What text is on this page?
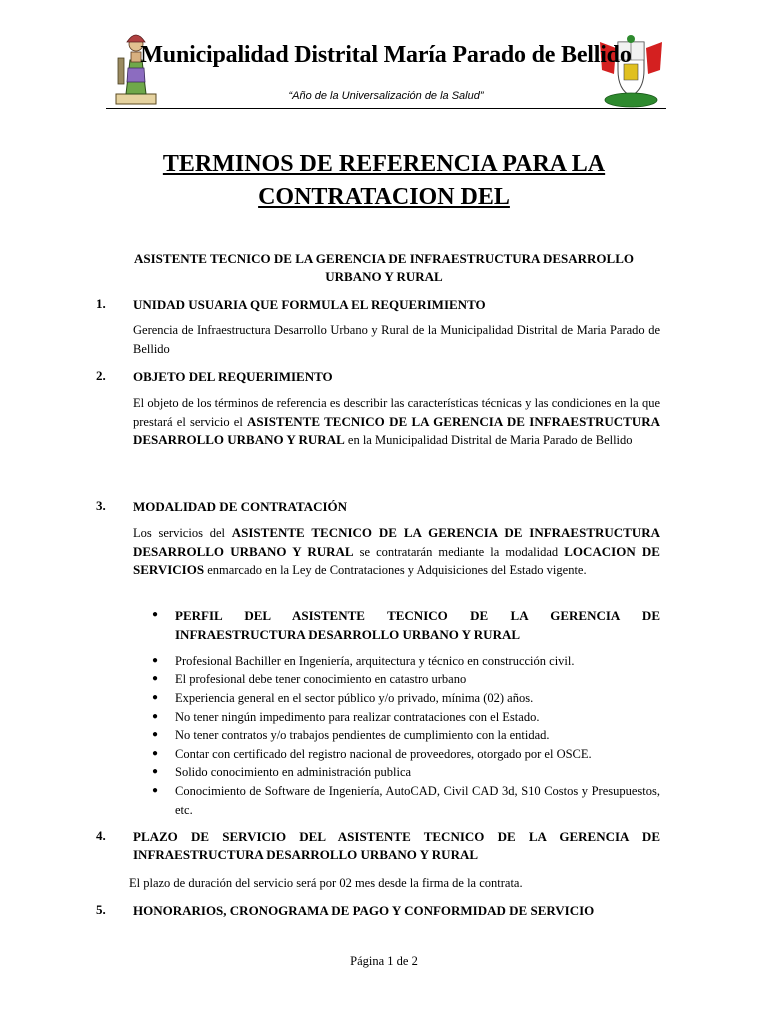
Municipalidad Distrital María Parado de Bellido
“Año de la Universalización de la Salud”
TERMINOS DE REFERENCIA PARA LA
CONTRATACION DEL
ASISTENTE TECNICO DE LA GERENCIA DE INFRAESTRUCTURA DESARROLLO
URBANO Y RURAL
1. UNIDAD USUARIA QUE FORMULA EL REQUERIMIENTO
Gerencia de Infraestructura Desarrollo Urbano y Rural de la Municipalidad Distrital de Maria Parado de Bellido
2. OBJETO DEL REQUERIMIENTO
El objeto de los términos de referencia es describir las características técnicas y las condiciones en la que prestará el servicio el ASISTENTE TECNICO DE LA GERENCIA DE INFRAESTRUCTURA DESARROLLO URBANO Y RURAL en la Municipalidad Distrital de Maria Parado de Bellido
3. MODALIDAD DE CONTRATACIÓN
Los servicios del ASISTENTE TECNICO DE LA GERENCIA DE INFRAESTRUCTURA DESARROLLO URBANO Y RURAL se contratarán mediante la modalidad LOCACION DE SERVICIOS enmarcado en la Ley de Contrataciones y Adquisiciones del Estado vigente.
● PERFIL DEL ASISTENTE TECNICO DE LA GERENCIA DE INFRAESTRUCTURA DESARROLLO URBANO Y RURAL
● Profesional Bachiller en Ingeniería, arquitectura y técnico en construcción civil.
● El profesional debe tener conocimiento en catastro urbano
● Experiencia general en el sector público y/o privado, mínima (02) años.
● No tener ningún impedimento para realizar contrataciones con el Estado.
● No tener contratos y/o trabajos pendientes de cumplimiento con la entidad.
● Contar con certificado del registro nacional de proveedores, otorgado por el OSCE.
● Solido conocimiento en administración publica
● Conocimiento de Software de Ingeniería, AutoCAD, Civil CAD 3d, S10 Costos y Presupuestos, etc.
4. PLAZO DE SERVICIO DEL ASISTENTE TECNICO DE LA GERENCIA DE INFRAESTRUCTURA DESARROLLO URBANO Y RURAL
El plazo de duración del servicio será por 02 mes desde la firma de la contrata.
5. HONORARIOS, CRONOGRAMA DE PAGO Y CONFORMIDAD DE SERVICIO
Página 1 de 2
